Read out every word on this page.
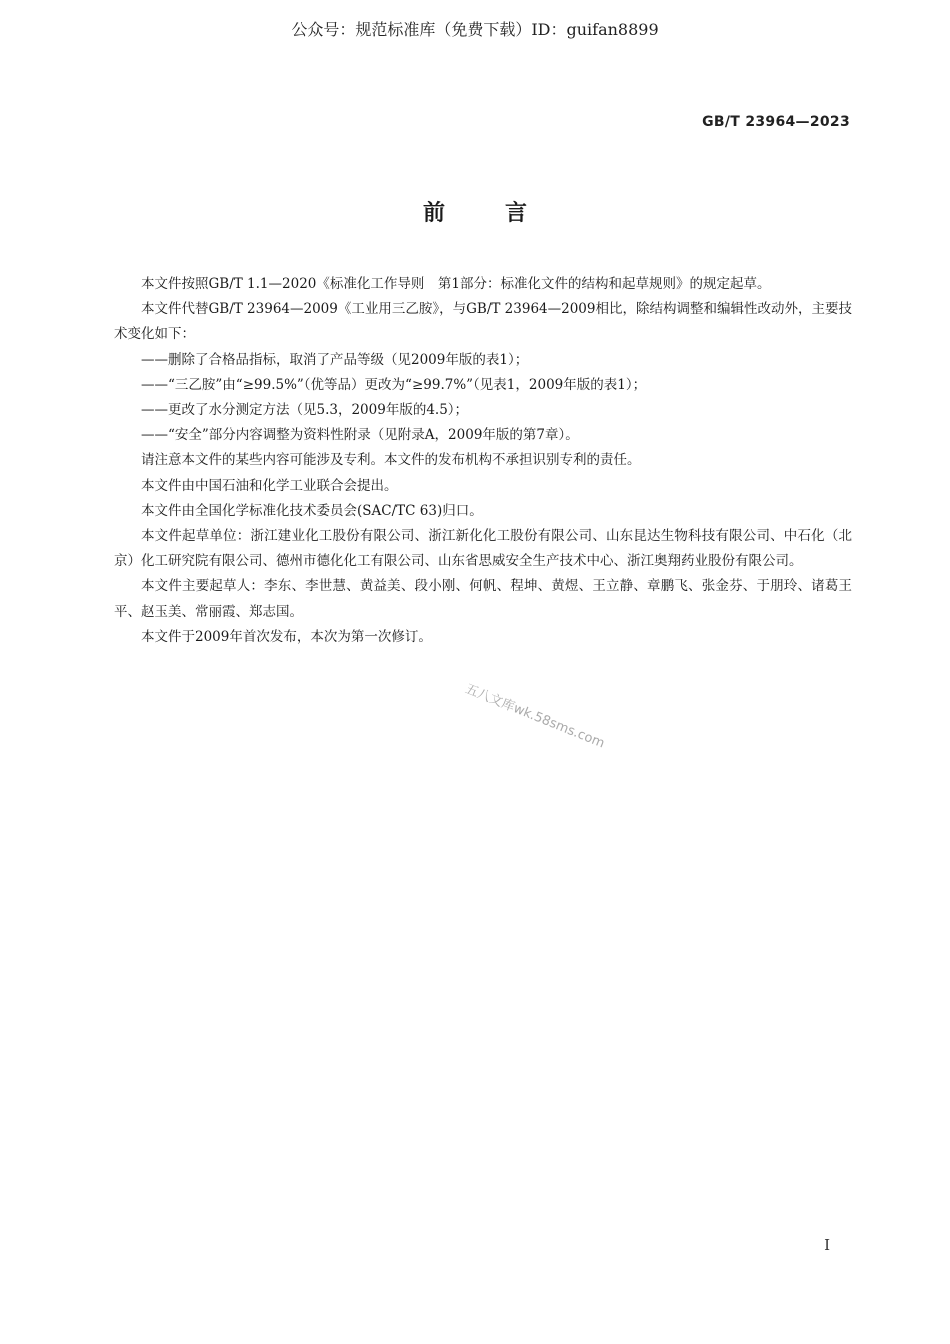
公众号：规范标准库（免费下载）ID：guifan8899
GB/T 23964—2023
前	言

本文件按照GB/T 1.1—2020《标准化工作导则　第1部分：标准化文件的结构和起草规则》的规定起草。

本文件代替GB/T 23964—2009《工业用三乙胺》，与GB/T 23964—2009相比，除结构调整和编辑性改动外，主要技术变化如下：

——删除了合格品指标，取消了产品等级（见2009年版的表1）；

——“三乙胺”由“≥99.5%”（优等品）更改为“≥99.7%”（见表1，2009年版的表1）；

——更改了水分测定方法（见5.3，2009年版的4.5）；

——“安全”部分内容调整为资料性附录（见附录A，2009年版的第7章）。

请注意本文件的某些内容可能涉及专利。本文件的发布机构不承担识别专利的责任。

本文件由中国石油和化学工业联合会提出。

本文件由全国化学标准化技术委员会(SAC/TC 63)归口。

本文件起草单位：浙江建业化工股份有限公司、浙江新化化工股份有限公司、山东昆达生物科技有限公司、中石化（北京）化工研究院有限公司、德州市德化化工有限公司、山东省思威安全生产技术中心、浙江奥翔药业股份有限公司。

本文件主要起草人：李东、李世慧、黄益美、段小刚、何帆、程坤、黄煜、王立静、章鹏飞、张金芬、于朋玲、诸葛王平、赵玉美、常丽霞、郑志国。

本文件于2009年首次发布，本次为第一次修订。

五八文库wk.58sms.com
I
